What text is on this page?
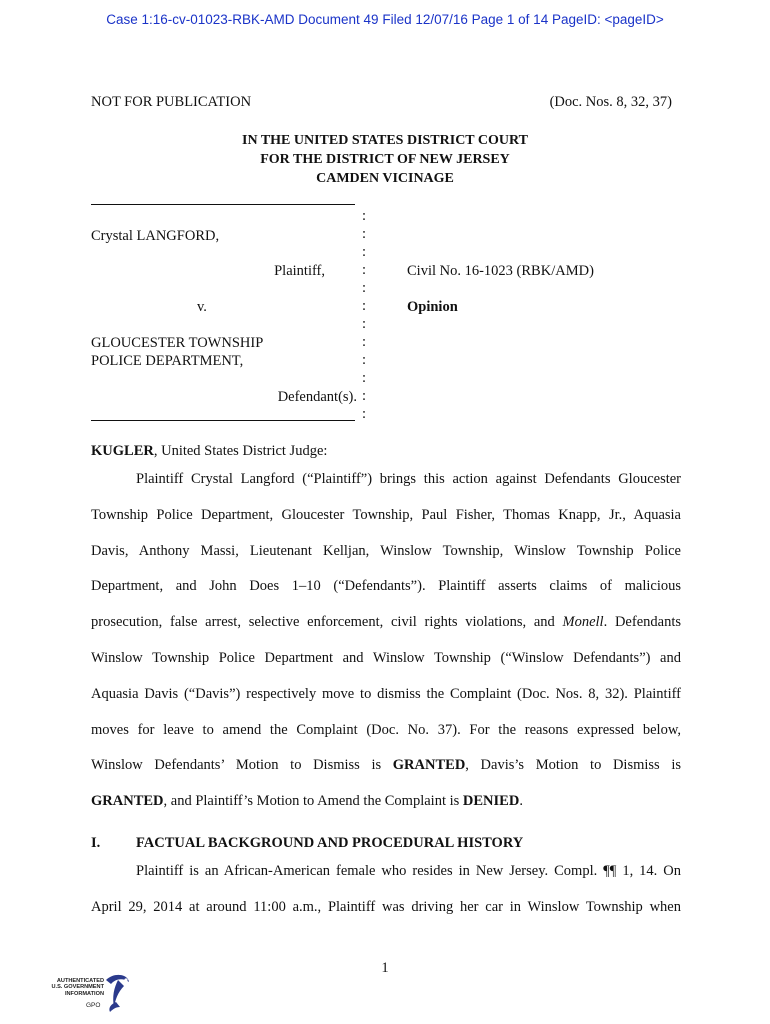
Case 1:16-cv-01023-RBK-AMD Document 49 Filed 12/07/16 Page 1 of 14 PageID: <pageID>
NOT FOR PUBLICATION	(Doc. Nos. 8, 32, 37)
IN THE UNITED STATES DISTRICT COURT
FOR THE DISTRICT OF NEW JERSEY
CAMDEN VICINAGE
:
:
:
:
:
:
:
:
:
:
:
:
Crystal LANGFORD,
Plaintiff,
v.
GLOUCESTER TOWNSHIP
POLICE DEPARTMENT,
Defendant(s).
Civil No. 16-1023 (RBK/AMD)
Opinion
KUGLER, United States District Judge:
Plaintiff Crystal Langford (“Plaintiff”) brings this action against Defendants Gloucester
Township Police Department, Gloucester Township, Paul Fisher, Thomas Knapp, Jr., Aquasia
Davis, Anthony Massi, Lieutenant Kelljan, Winslow Township, Winslow Township Police
Department, and John Does 1–10 (“Defendants”). Plaintiff asserts claims of malicious
prosecution, false arrest, selective enforcement, civil rights violations, and Monell. Defendants
Winslow Township Police Department and Winslow Township (“Winslow Defendants”) and
Aquasia Davis (“Davis”) respectively move to dismiss the Complaint (Doc. Nos. 8, 32). Plaintiff
moves for leave to amend the Complaint (Doc. No. 37). For the reasons expressed below,
Winslow Defendants’ Motion to Dismiss is GRANTED, Davis’s Motion to Dismiss is

GRANTED, and Plaintiff’s Motion to Amend the Complaint is DENIED.
I. FACTUAL BACKGROUND AND PROCEDURAL HISTORY
Plaintiff is an African-American female who resides in New Jersey. Compl. ¶¶ 1, 14. On
April 29, 2014 at around 11:00 a.m., Plaintiff was driving her car in Winslow Township when
1
AUTHENTICATED
U.S. GOVERNMENT
INFORMATION
GPO
